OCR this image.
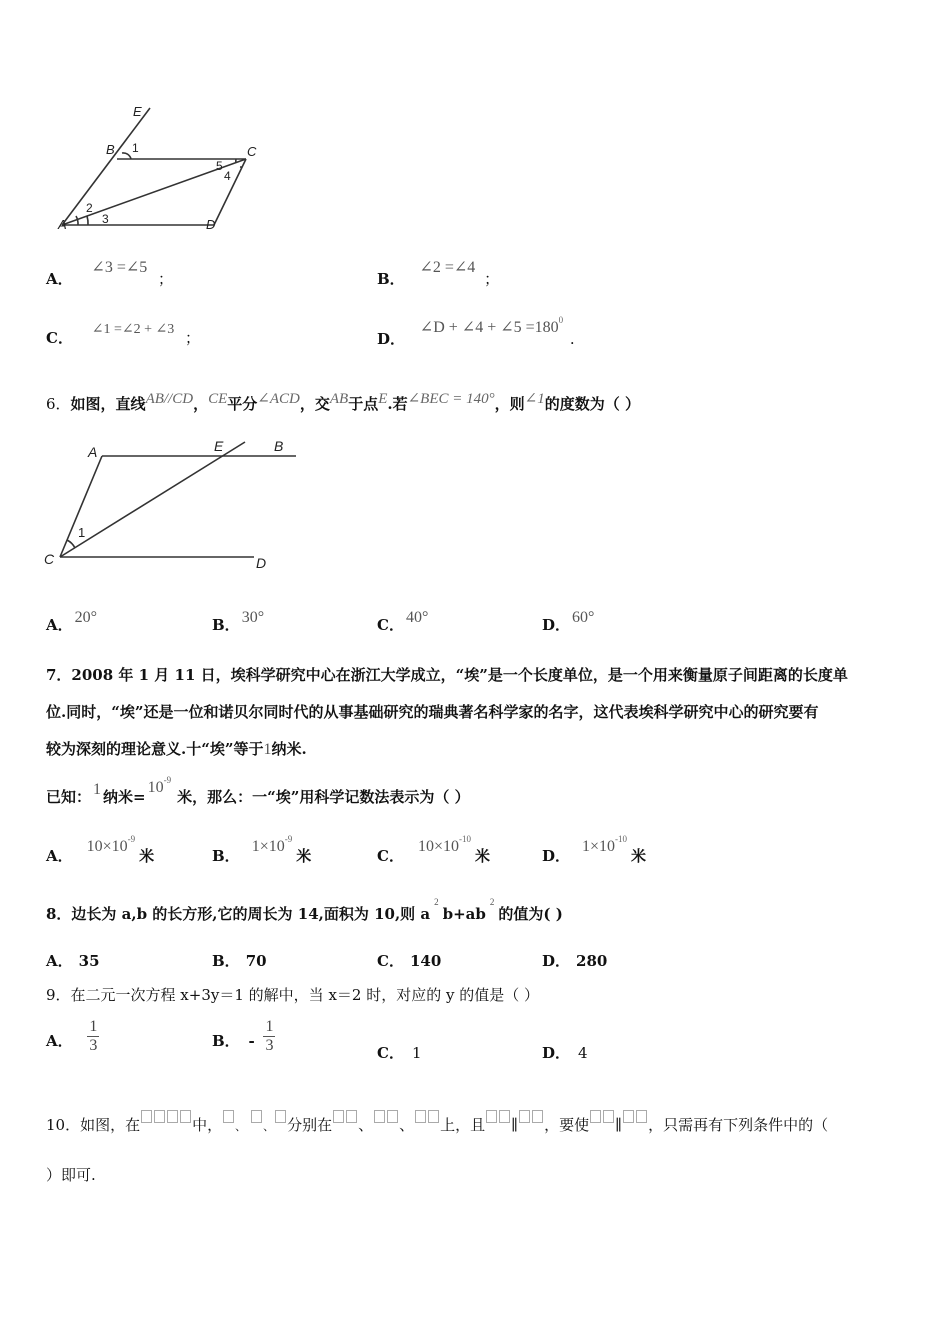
E
B 1	C
5
4
2
3
A	D
A． ∠3 =∠5 ；	B． ∠2 =∠4 ；
C． ∠1 =∠2 + ∠3 ；	D． ∠D + ∠4 + ∠5 $=180^0$ .
6．如图，直线AB//CD，CE平分∠ACD，交AB于点E.若∠BEC = 140°，则∠1的度数为（ ）
A	E	B
1
C	D
A． 20°	B． 30°	C． 40°	D． 60°
7．2008 年 1 月 11 日，埃科学研究中心在浙江大学成立，“埃”是一个长度单位，是一个用来衡量原子间距离的长度单
位.同时，“埃”还是一位和诺贝尔同时代的从事基础研究的瑞典著名科学家的名字，这代表埃科学研究中心的研究要有
较为深刻的理论意义.十“埃”等于1纳米.
已知： 1 纳米$=10^{-9}$米，那么：一“埃”用科学记数法表示为（ ）
A．$10\times 10^{-9}$米	B．$1\times 10^{-9}$米	C．$10\times 10^{-10}$米	D．$1\times 10^{-10}$米
8．边长为 a,b 的长方形,它的周长为 14,面积为 10,则 $a^2b+ab^2$的值为( )
A． 35	B． 70	C． 140	D． 280
9．在二元一次方程 x+3y＝1 的解中，当 x＝2 时，对应的 y 的值是（ ）
A． $\frac{1}{3}$	B． - $\frac{1}{3}$	C． 1	D． 4
10．如图，在	中， 、 、 分别在 、 、 上，且 ∥ ，要使 ∥ ，只需再有下列条件中的（
）即可.
